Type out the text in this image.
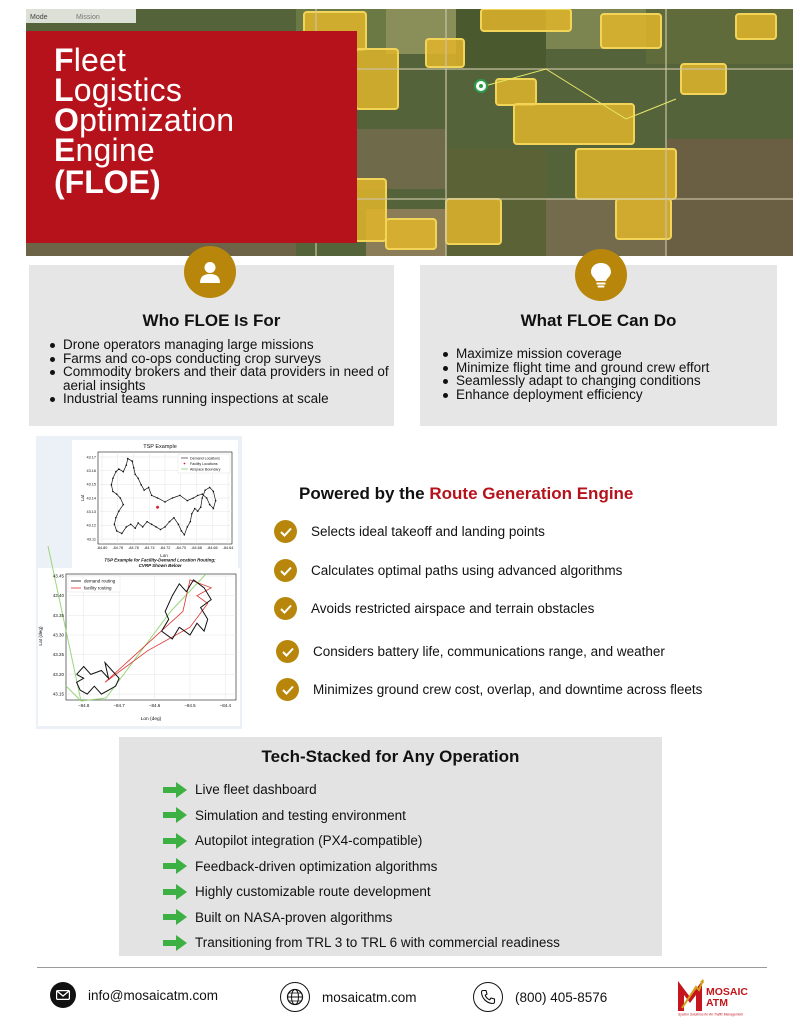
Mode	Mission
Fleet
Logistics
Optimization
Engine
(FLOE)
Who FLOE Is For
Drone operators managing large missions
Farms and co-ops conducting crop surveys
Commodity brokers and their data providers in need of aerial insights
Industrial teams running inspections at scale
What FLOE Can Do
Maximize mission coverage
Minimize flight time and ground crew effort
Seamlessly adapt to changing conditions
Enhance deployment efficiency
TSP Example
43.17
43.16
43.15
43.14
43.13
43.12
43.11
-84.80 -84.78 -84.76 -84.74 -84.72 -84.70 -84.68 -84.66 -84.64
Lon
Lat
Demand Locations
Facility Locations
Airspace Boundary
TSP Example for Facility-Demand Location Routing;
CVRP Shown Below
43.45
43.40
43.35
43.30
43.25
43.20
43.15
−84.8	−84.7	−84.6	−84.5	−84.4
Lon (deg)
Lat (deg)
demand routing
facility routing
Powered by the Route Generation Engine
Selects ideal takeoff and landing points
Calculates optimal paths using advanced algorithms
Avoids restricted airspace and terrain obstacles
Considers battery life, communications range, and weather
Minimizes ground crew cost, overlap, and downtime across fleets
Tech-Stacked for Any Operation
Live fleet dashboard
Simulation and testing environment
Autopilot integration (PX4-compatible)
Feedback-driven optimization algorithms
Highly customizable route development
Built on NASA-proven algorithms
Transitioning from TRL 3 to TRL 6 with commercial readiness
info@mosaicatm.com	mosaicatm.com	(800) 405-8576	MOSAIC
ATM
System Solutions for Air Traffic Management
